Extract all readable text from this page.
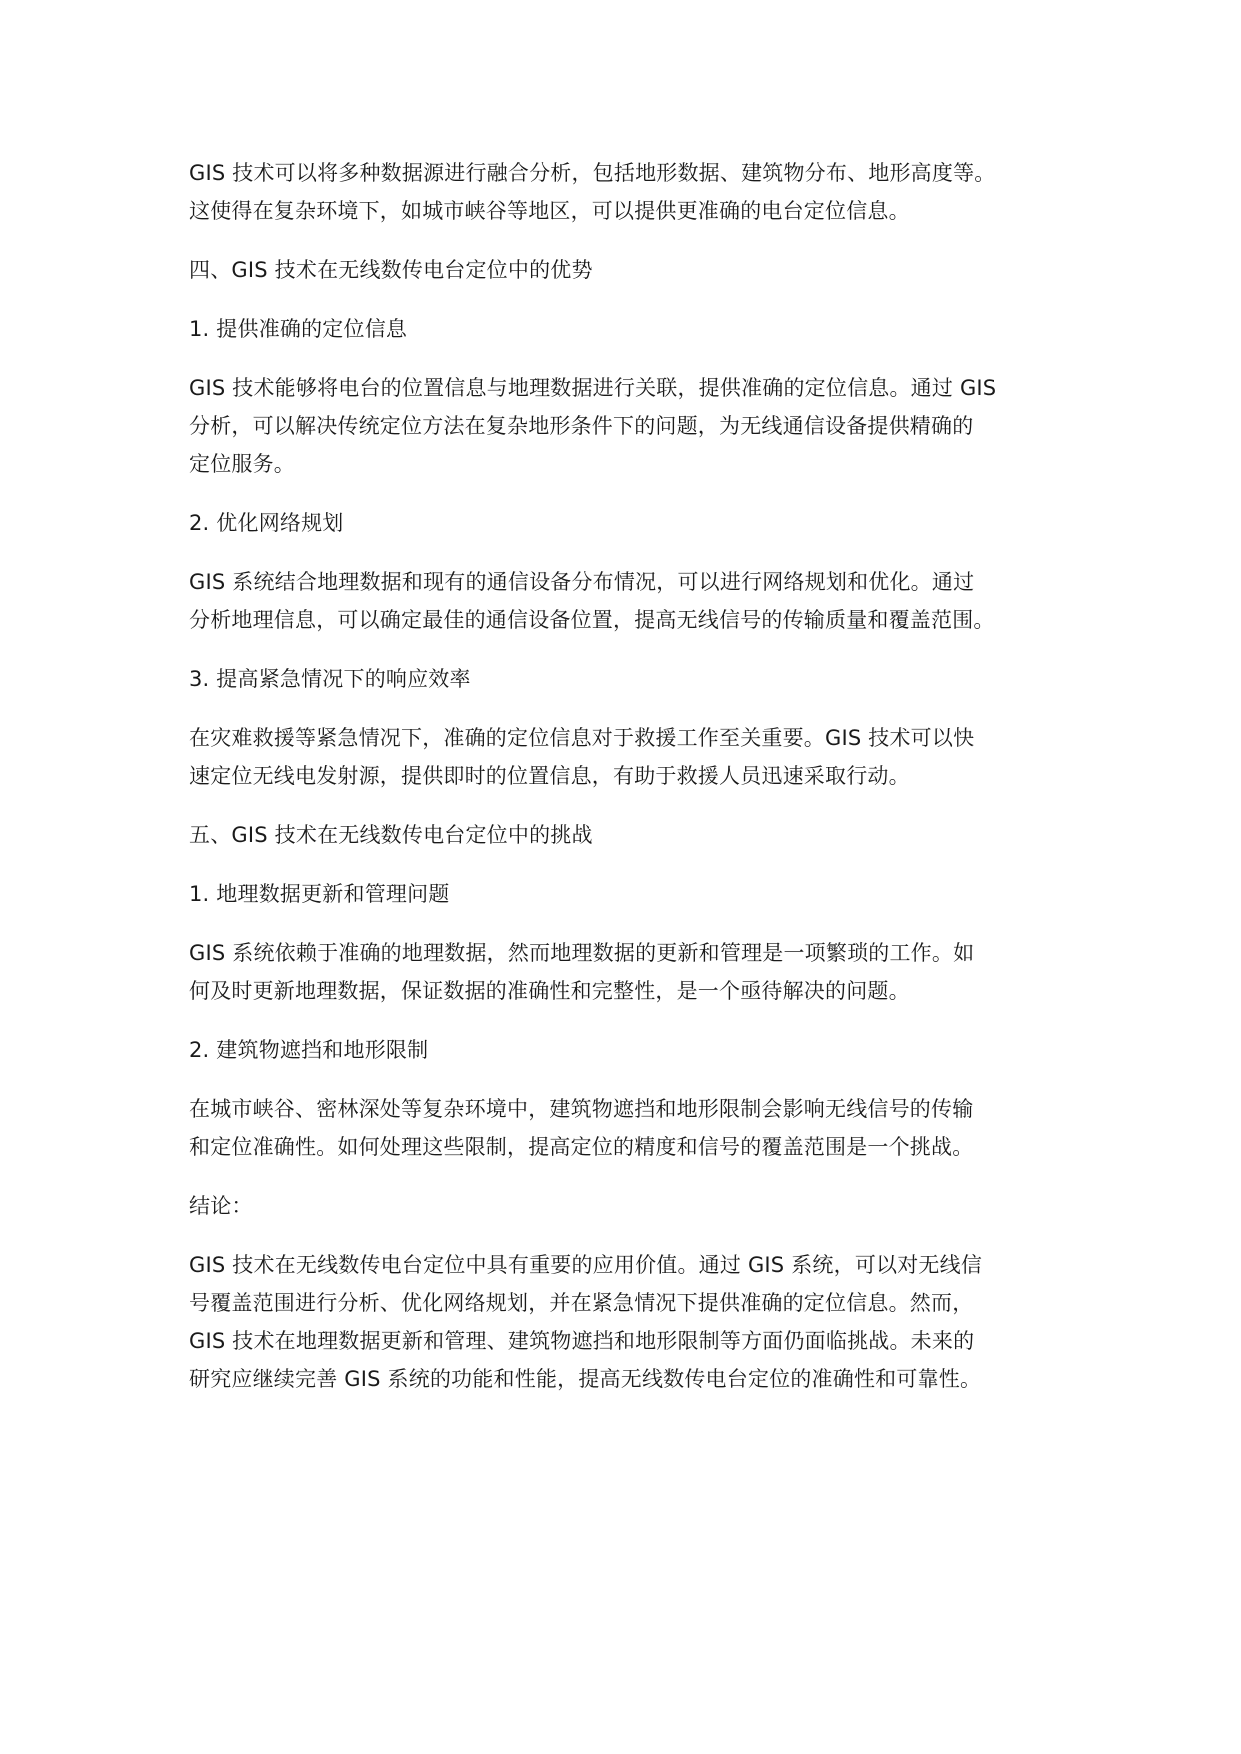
GIS 技术可以将多种数据源进行融合分析，包括地形数据、建筑物分布、地形高度等。
这使得在复杂环境下，如城市峡谷等地区，可以提供更准确的电台定位信息。
四、GIS 技术在无线数传电台定位中的优势
1. 提供准确的定位信息
GIS 技术能够将电台的位置信息与地理数据进行关联，提供准确的定位信息。通过 GIS
分析，可以解决传统定位方法在复杂地形条件下的问题，为无线通信设备提供精确的
定位服务。
2. 优化网络规划
GIS 系统结合地理数据和现有的通信设备分布情况，可以进行网络规划和优化。通过
分析地理信息，可以确定最佳的通信设备位置，提高无线信号的传输质量和覆盖范围。
3. 提高紧急情况下的响应效率
在灾难救援等紧急情况下，准确的定位信息对于救援工作至关重要。GIS 技术可以快
速定位无线电发射源，提供即时的位置信息，有助于救援人员迅速采取行动。
五、GIS 技术在无线数传电台定位中的挑战
1. 地理数据更新和管理问题
GIS 系统依赖于准确的地理数据，然而地理数据的更新和管理是一项繁琐的工作。如
何及时更新地理数据，保证数据的准确性和完整性，是一个亟待解决的问题。
2. 建筑物遮挡和地形限制
在城市峡谷、密林深处等复杂环境中，建筑物遮挡和地形限制会影响无线信号的传输
和定位准确性。如何处理这些限制，提高定位的精度和信号的覆盖范围是一个挑战。
结论：
GIS 技术在无线数传电台定位中具有重要的应用价值。通过 GIS 系统，可以对无线信
号覆盖范围进行分析、优化网络规划，并在紧急情况下提供准确的定位信息。然而，
GIS 技术在地理数据更新和管理、建筑物遮挡和地形限制等方面仍面临挑战。未来的
研究应继续完善 GIS 系统的功能和性能，提高无线数传电台定位的准确性和可靠性。
